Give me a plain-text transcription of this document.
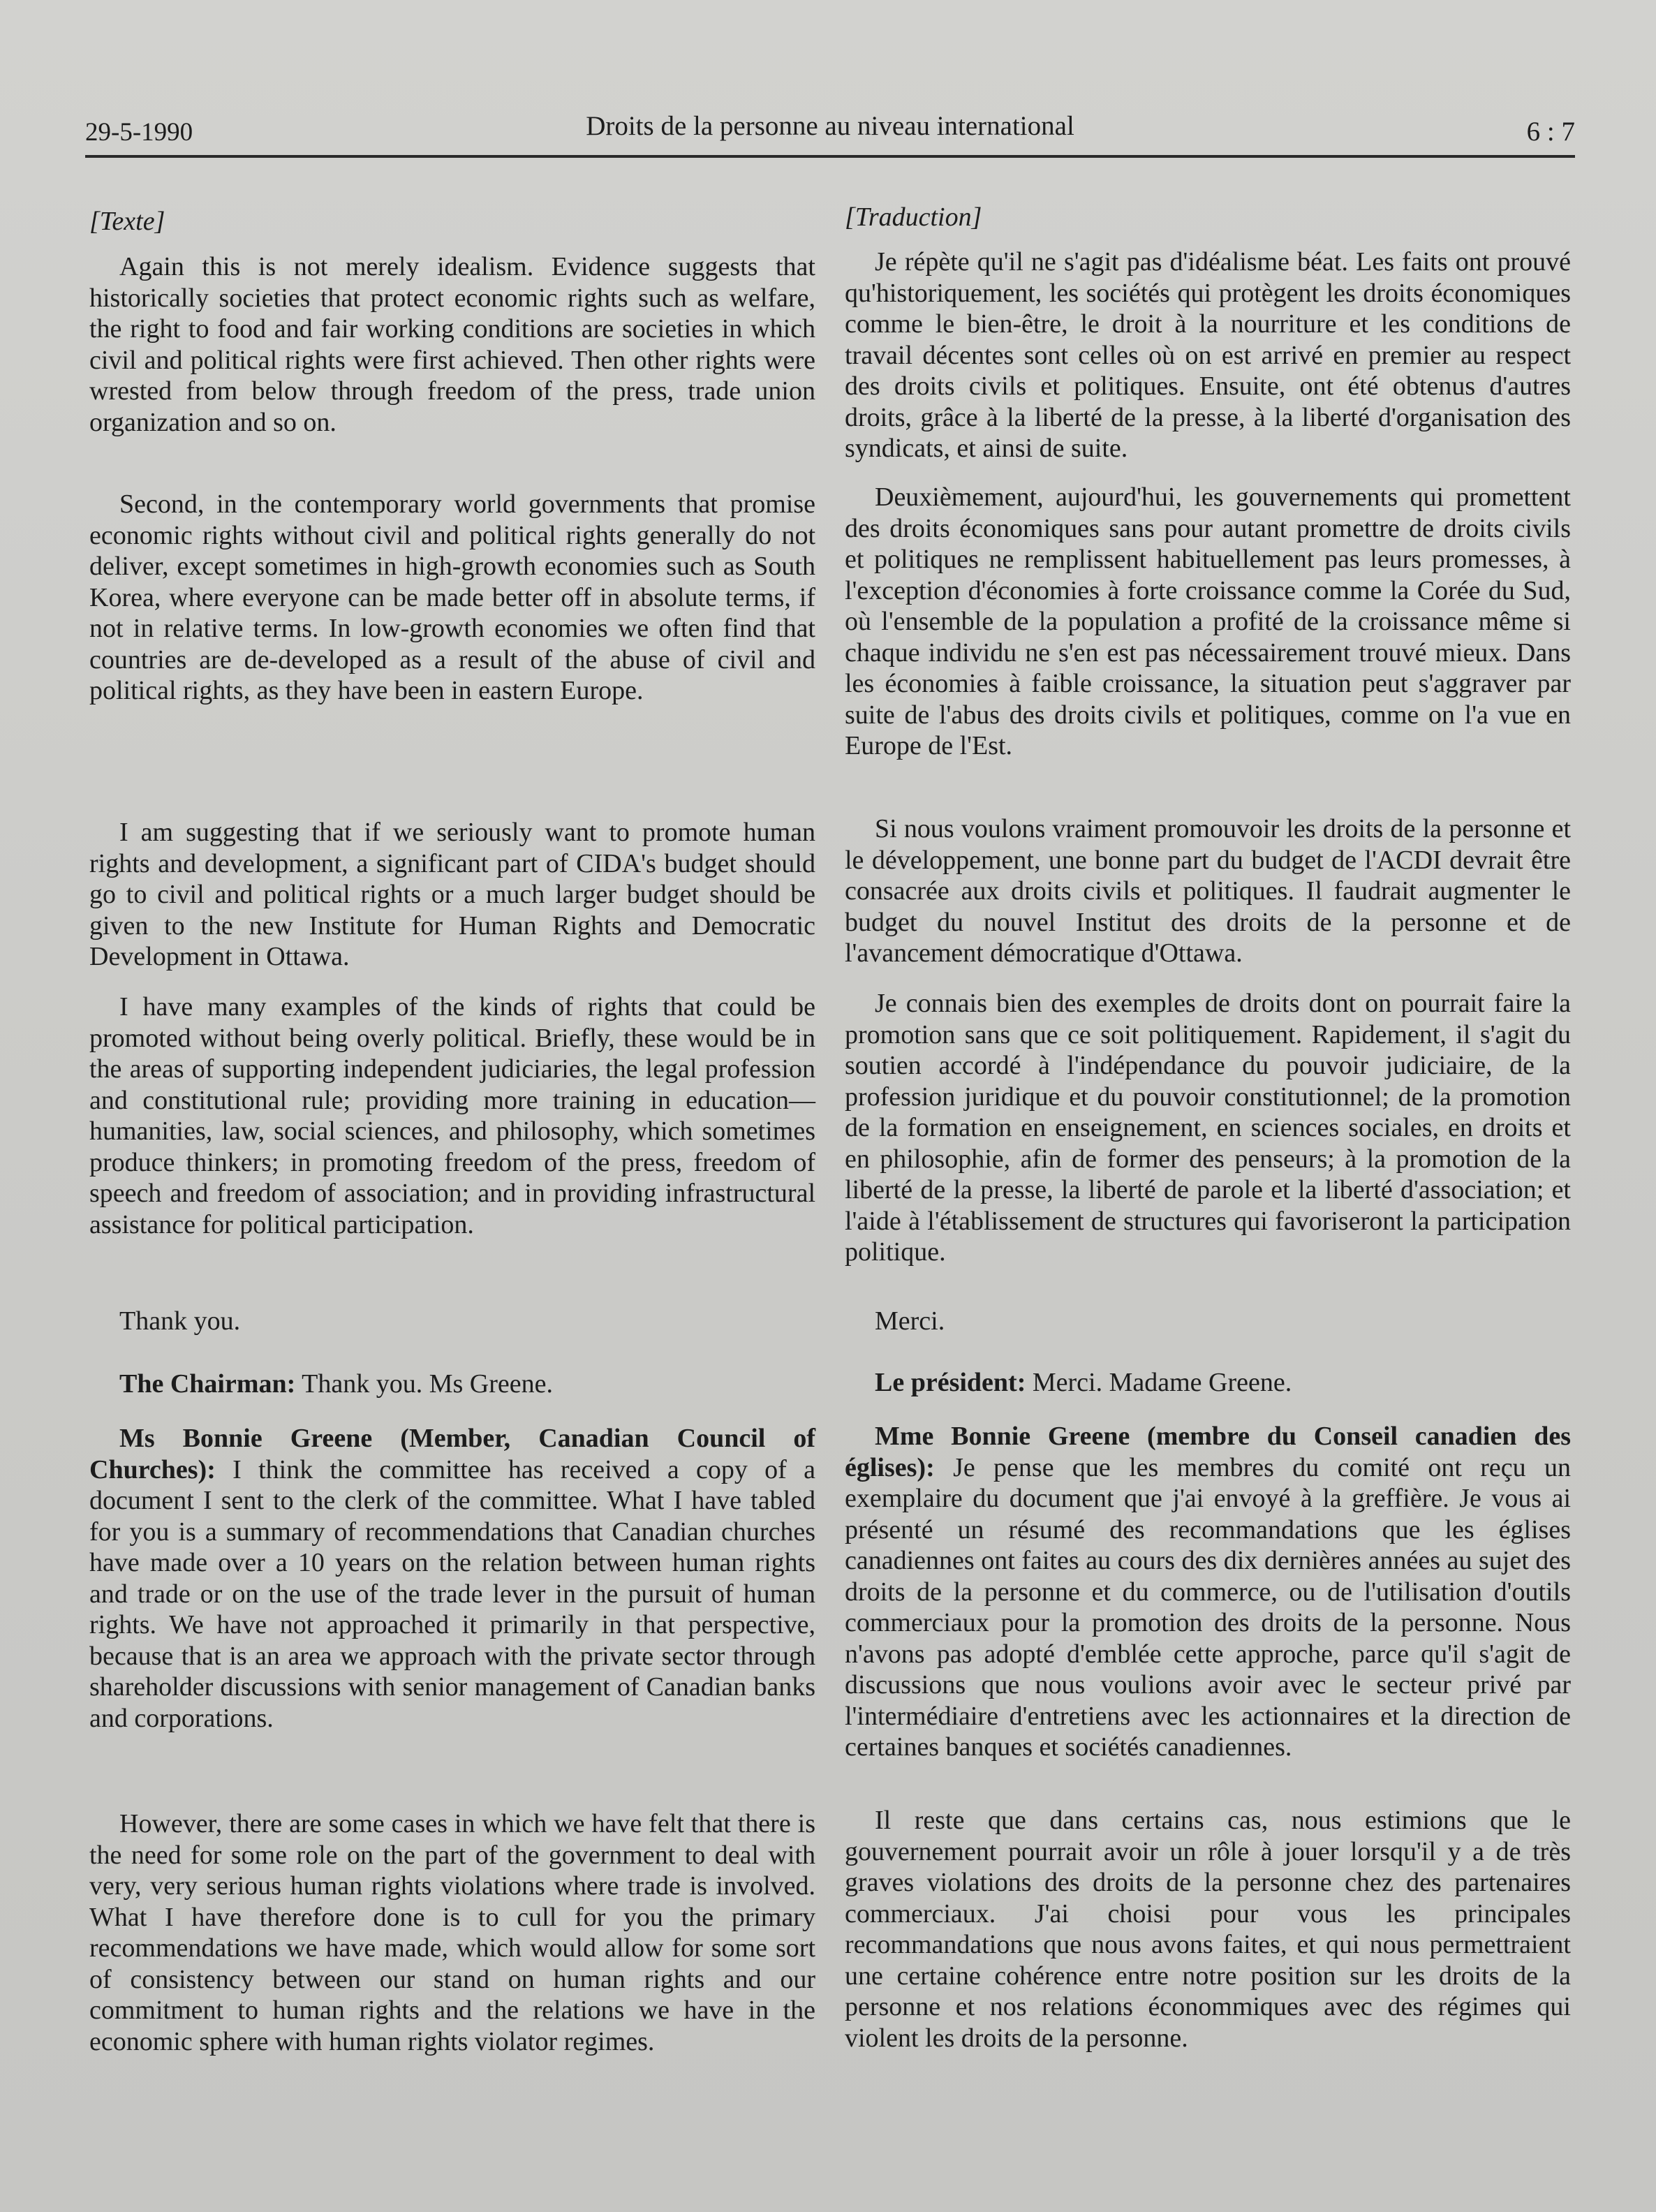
29-5-1990	Droits de la personne au niveau international	6 : 7
[Texte]

Again this is not merely idealism. Evidence suggests that historically societies that protect economic rights such as welfare, the right to food and fair working conditions are societies in which civil and political rights were first achieved. Then other rights were wrested from below through freedom of the press, trade union organization and so on.

Second, in the contemporary world governments that promise economic rights without civil and political rights generally do not deliver, except sometimes in high-growth economies such as South Korea, where everyone can be made better off in absolute terms, if not in relative terms. In low-growth economies we often find that countries are de-developed as a result of the abuse of civil and political rights, as they have been in eastern Europe.

I am suggesting that if we seriously want to promote human rights and development, a significant part of CIDA's budget should go to civil and political rights or a much larger budget should be given to the new Institute for Human Rights and Democratic Development in Ottawa.

I have many examples of the kinds of rights that could be promoted without being overly political. Briefly, these would be in the areas of supporting independent judiciaries, the legal profession and constitutional rule; providing more training in education—humanities, law, social sciences, and philosophy, which sometimes produce thinkers; in promoting freedom of the press, freedom of speech and freedom of association; and in providing infrastructural assistance for political participation.

Thank you.

The Chairman: Thank you. Ms Greene.

Ms Bonnie Greene (Member, Canadian Council of Churches): I think the committee has received a copy of a document I sent to the clerk of the committee. What I have tabled for you is a summary of recommendations that Canadian churches have made over a 10 years on the relation between human rights and trade or on the use of the trade lever in the pursuit of human rights. We have not approached it primarily in that perspective, because that is an area we approach with the private sector through shareholder discussions with senior management of Canadian banks and corporations.

However, there are some cases in which we have felt that there is the need for some role on the part of the government to deal with very, very serious human rights violations where trade is involved. What I have therefore done is to cull for you the primary recommendations we have made, which would allow for some sort of consistency between our stand on human rights and our commitment to human rights and the relations we have in the economic sphere with human rights violator regimes.

[Traduction]

Je répète qu'il ne s'agit pas d'idéalisme béat. Les faits ont prouvé qu'historiquement, les sociétés qui protègent les droits économiques comme le bien-être, le droit à la nourriture et les conditions de travail décentes sont celles où on est arrivé en premier au respect des droits civils et politiques. Ensuite, ont été obtenus d'autres droits, grâce à la liberté de la presse, à la liberté d'organisation des syndicats, et ainsi de suite.

Deuxièmement, aujourd'hui, les gouvernements qui promettent des droits économiques sans pour autant promettre de droits civils et politiques ne remplissent habituellement pas leurs promesses, à l'exception d'économies à forte croissance comme la Corée du Sud, où l'ensemble de la population a profité de la croissance même si chaque individu ne s'en est pas nécessairement trouvé mieux. Dans les économies à faible croissance, la situation peut s'aggraver par suite de l'abus des droits civils et politiques, comme on l'a vue en Europe de l'Est.

Si nous voulons vraiment promouvoir les droits de la personne et le développement, une bonne part du budget de l'ACDI devrait être consacrée aux droits civils et politiques. Il faudrait augmenter le budget du nouvel Institut des droits de la personne et de l'avancement démocratique d'Ottawa.

Je connais bien des exemples de droits dont on pourrait faire la promotion sans que ce soit politiquement. Rapidement, il s'agit du soutien accordé à l'indépendance du pouvoir judiciaire, de la profession juridique et du pouvoir constitutionnel; de la promotion de la formation en enseignement, en sciences sociales, en droits et en philosophie, afin de former des penseurs; à la promotion de la liberté de la presse, la liberté de parole et la liberté d'association; et l'aide à l'établissement de structures qui favoriseront la participation politique.

Merci.

Le président: Merci. Madame Greene.

Mme Bonnie Greene (membre du Conseil canadien des églises): Je pense que les membres du comité ont reçu un exemplaire du document que j'ai envoyé à la greffière. Je vous ai présenté un résumé des recommandations que les églises canadiennes ont faites au cours des dix dernières années au sujet des droits de la personne et du commerce, ou de l'utilisation d'outils commerciaux pour la promotion des droits de la personne. Nous n'avons pas adopté d'emblée cette approche, parce qu'il s'agit de discussions que nous voulions avoir avec le secteur privé par l'intermédiaire d'entretiens avec les actionnaires et la direction de certaines banques et sociétés canadiennes.

Il reste que dans certains cas, nous estimions que le gouvernement pourrait avoir un rôle à jouer lorsqu'il y a de très graves violations des droits de la personne chez des partenaires commerciaux. J'ai choisi pour vous les principales recommandations que nous avons faites, et qui nous permettraient une certaine cohérence entre notre position sur les droits de la personne et nos relations économmiques avec des régimes qui violent les droits de la personne.
